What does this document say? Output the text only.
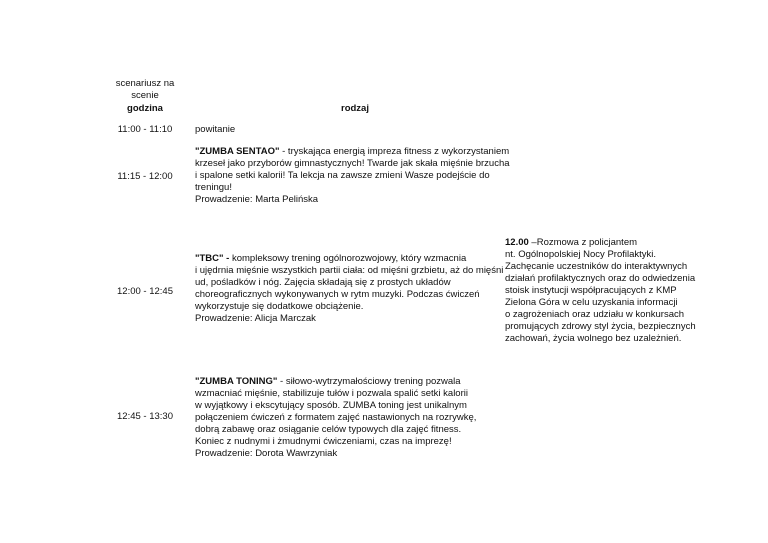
scenariusz na
scenie
godzina	rodzaj
11:00 - 11:10	powitanie
11:15 - 12:00
"ZUMBA SENTAO" - tryskająca energią impreza fitness z wykorzystaniem
krzeseł jako przyborów gimnastycznych! Twarde jak skała mięśnie brzucha
i spalone setki kalorii! Ta lekcja na zawsze zmieni Wasze podejście do
treningu!
Prowadzenie: Marta Pelińska
12.00 –Rozmowa z policjantem
nt. Ogólnopolskiej Nocy Profilaktyki.
Zachęcanie uczestników do interaktywnych
działań profilaktycznych oraz do odwiedzenia
stoisk instytucji współpracujących z KMP
Zielona Góra w celu uzyskania informacji
o zagrożeniach oraz udziału w konkursach
promujących zdrowy styl życia, bezpiecznych
zachowań, życia wolnego bez uzależnień.
12:00 - 12:45
"TBC" - kompleksowy trening ogólnorozwojowy, który wzmacnia
i ujędrnia mięśnie wszystkich partii ciała: od mięśni grzbietu, aż do mięśni
ud, pośladków i nóg. Zajęcia składają się z prostych układów
choreograficznych wykonywanych w rytm muzyki. Podczas ćwiczeń
wykorzystuje się dodatkowe obciążenie.
Prowadzenie: Alicja Marczak
12:45 - 13:30
"ZUMBA TONING" - siłowo-wytrzymałościowy trening pozwala
wzmacniać mięśnie, stabilizuje tułów i pozwala spalić setki kalorii
w wyjątkowy i ekscytujący sposób. ZUMBA toning jest unikalnym
połączeniem ćwiczeń z formatem zajęć nastawionych na rozrywkę,
dobrą zabawę oraz osiąganie celów typowych dla zajęć fitness.
Koniec z nudnymi i żmudnymi ćwiczeniami, czas na imprezę!
Prowadzenie: Dorota Wawrzyniak
